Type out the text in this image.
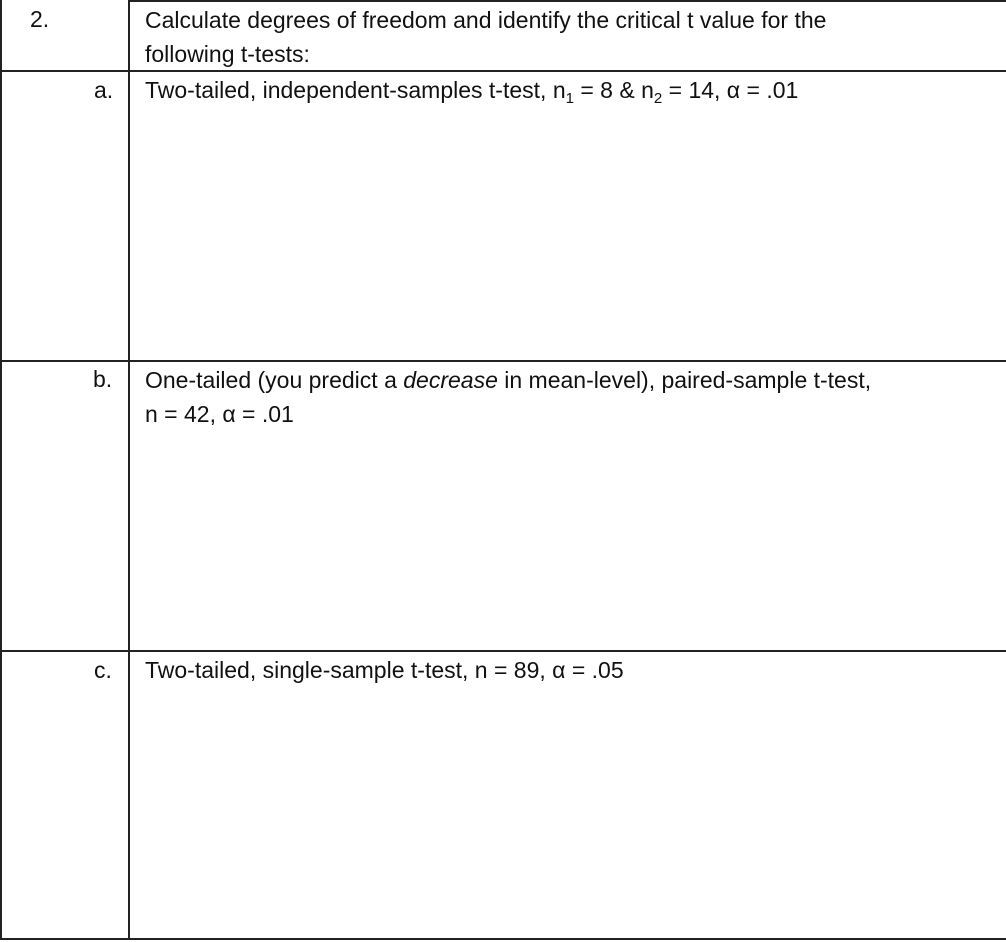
2.	Calculate degrees of freedom and identify the critical t value for the
following t-tests:
a. Two-tailed, independent-samples t-test, $n_1 = 8$ & $n_2 = 14$, α = .01
b. One-tailed (you predict a decrease in mean-level), paired-sample t-test,
n = 42, α = .01
c. Two-tailed, single-sample t-test, n = 89, α = .05
